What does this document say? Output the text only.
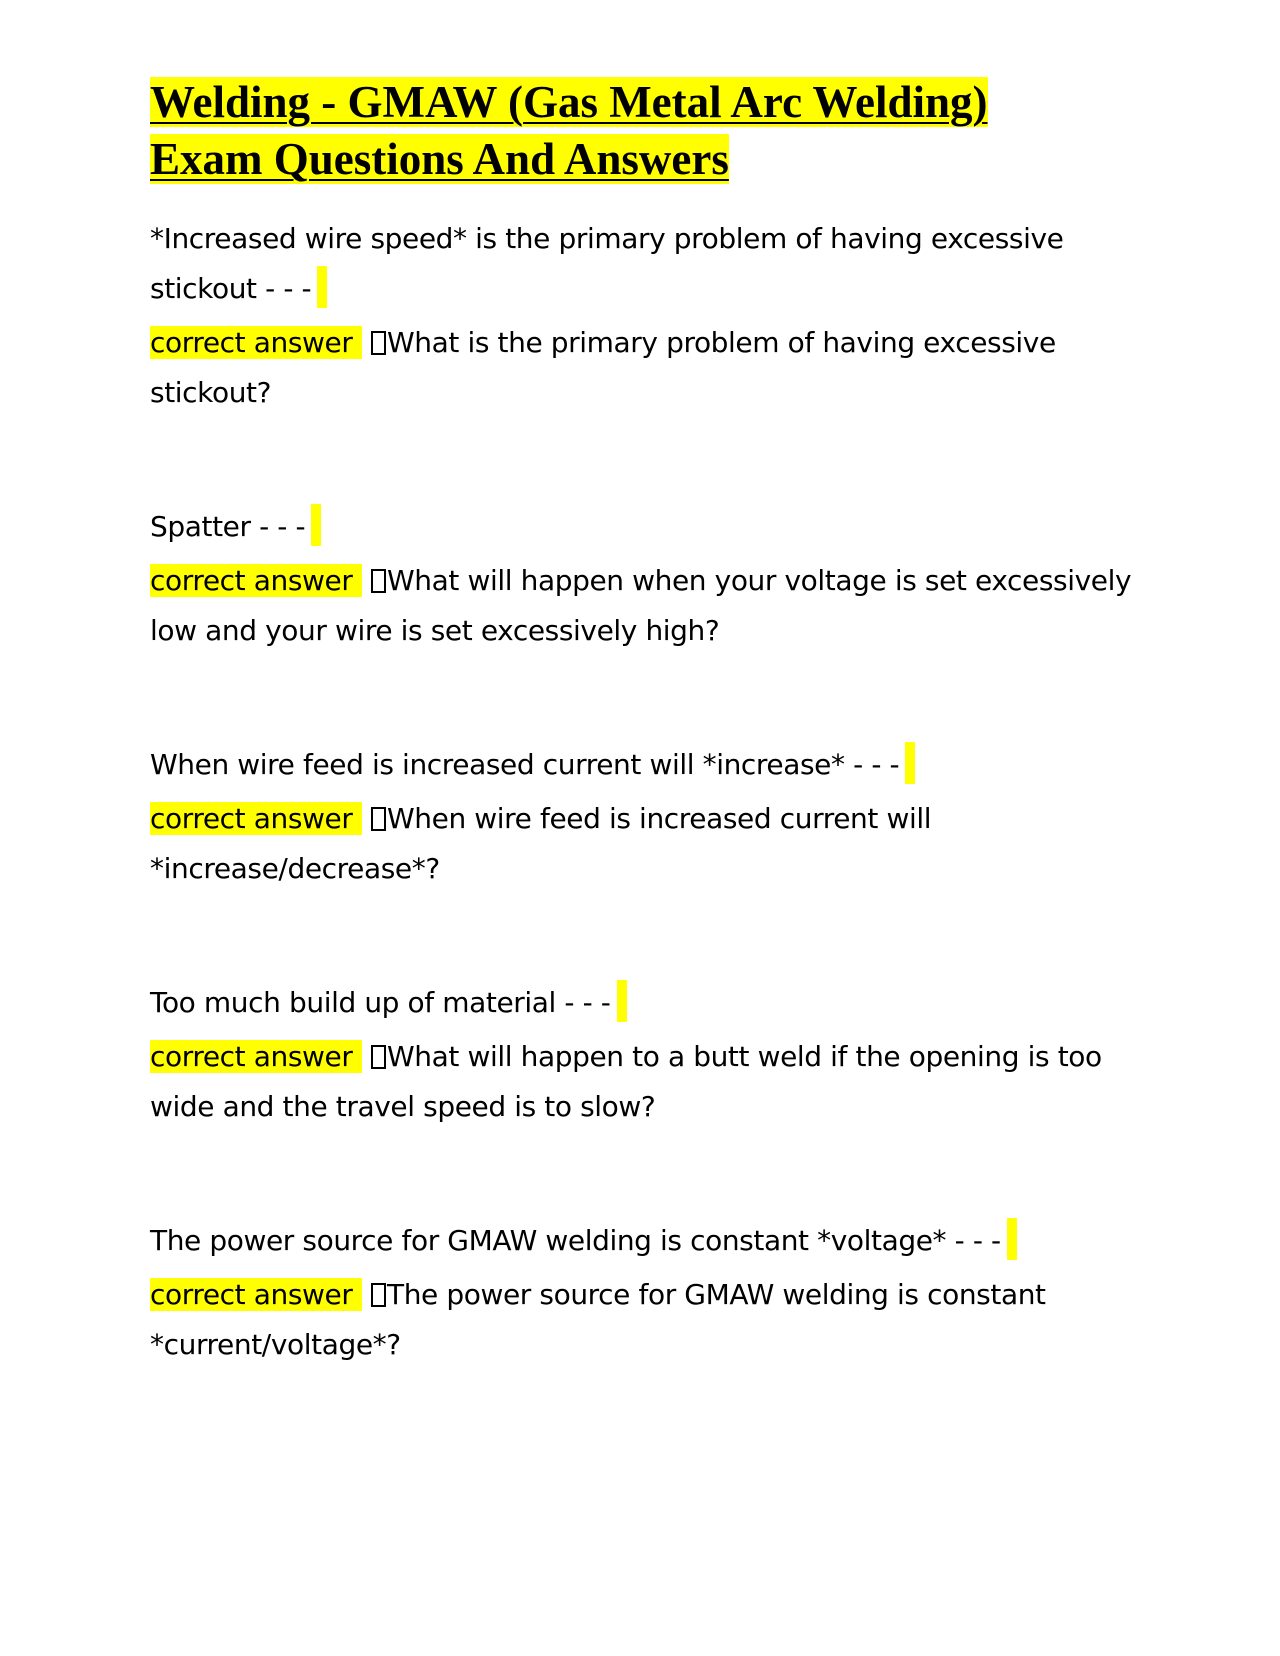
Welding - GMAW (Gas Metal Arc Welding)
Exam Questions And Answers
*Increased wire speed* is the primary problem of having excessive stickout - - -
correct answer What is the primary problem of having excessive stickout?
Spatter - - -
correct answer What will happen when your voltage is set excessively low and your wire is set excessively high?
When wire feed is increased current will *increase* - - -
correct answer When wire feed is increased current will *increase/decrease*?
Too much build up of material - - -
correct answer What will happen to a butt weld if the opening is too wide and the travel speed is to slow?
The power source for GMAW welding is constant *voltage* - - -
correct answer The power source for GMAW welding is constant *current/voltage*?
